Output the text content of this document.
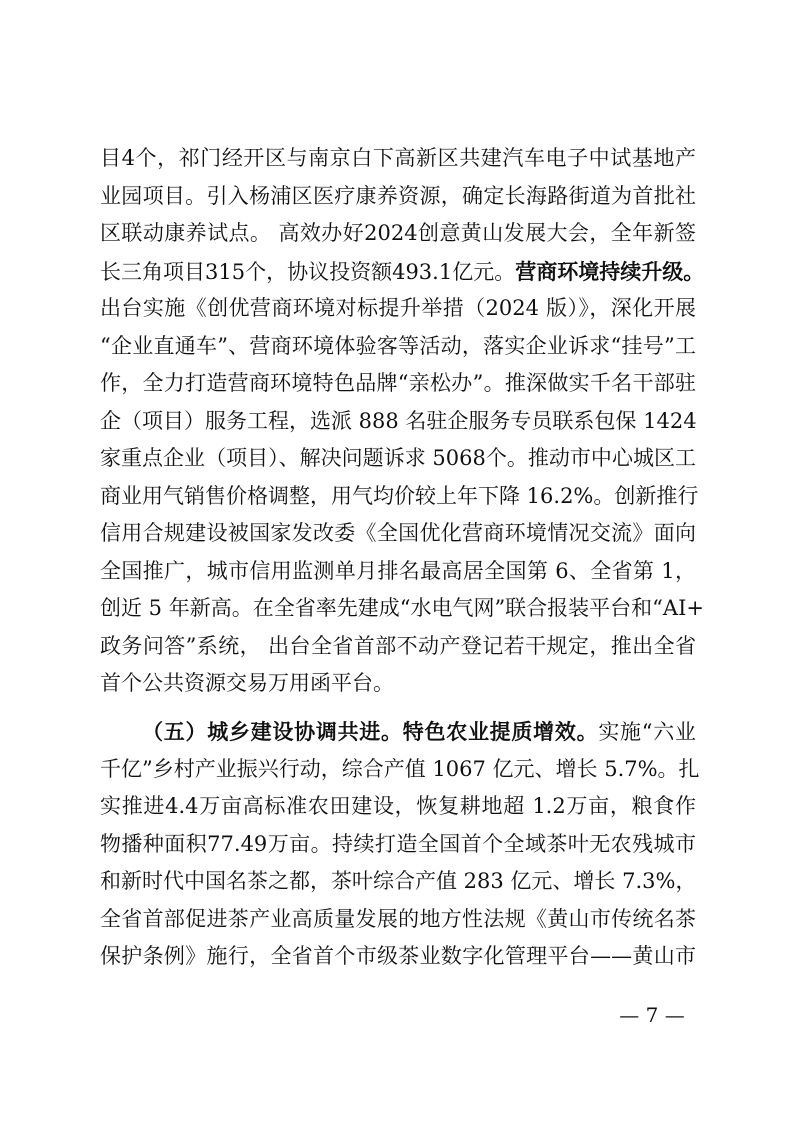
目4个，祁门经开区与南京白下高新区共建汽车电子中试基地产
业园项目。引入杨浦区医疗康养资源，确定长海路街道为首批社
区联动康养试点。 高效办好2024创意黄山发展大会，全年新签
长三角项目315个，协议投资额493.1亿元。营商环境持续升级。
出台实施《创优营商环境对标提升举措（2024 版）》，深化开展
“企业直通车”、营商环境体验客等活动，落实企业诉求“挂号”工
作，全力打造营商环境特色品牌“亲松办”。推深做实千名干部驻
企（项目）服务工程，选派 888 名驻企服务专员联系包保 1424
家重点企业（项目）、解决问题诉求 5068个。推动市中心城区工
商业用气销售价格调整，用气均价较上年下降 16.2%。创新推行
信用合规建设被国家发改委《全国优化营商环境情况交流》面向
全国推广，城市信用监测单月排名最高居全国第 6、全省第 1，
创近 5 年新高。在全省率先建成“水电气网”联合报装平台和“AI+
政务问答”系统， 出台全省首部不动产登记若干规定，推出全省
首个公共资源交易万用函平台。
（五）城乡建设协调共进。特色农业提质增效。实施“六业
千亿”乡村产业振兴行动，综合产值 1067 亿元、增长 5.7%。扎
实推进4.4万亩高标准农田建设，恢复耕地超 1.2万亩，粮食作
物播种面积77.49万亩。持续打造全国首个全域茶叶无农残城市
和新时代中国名茶之都，茶叶综合产值 283 亿元、增长 7.3%，
全省首部促进茶产业高质量发展的地方性法规《黄山市传统名茶
保护条例》施行，全省首个市级茶业数字化管理平台——黄山市
— 7 —
